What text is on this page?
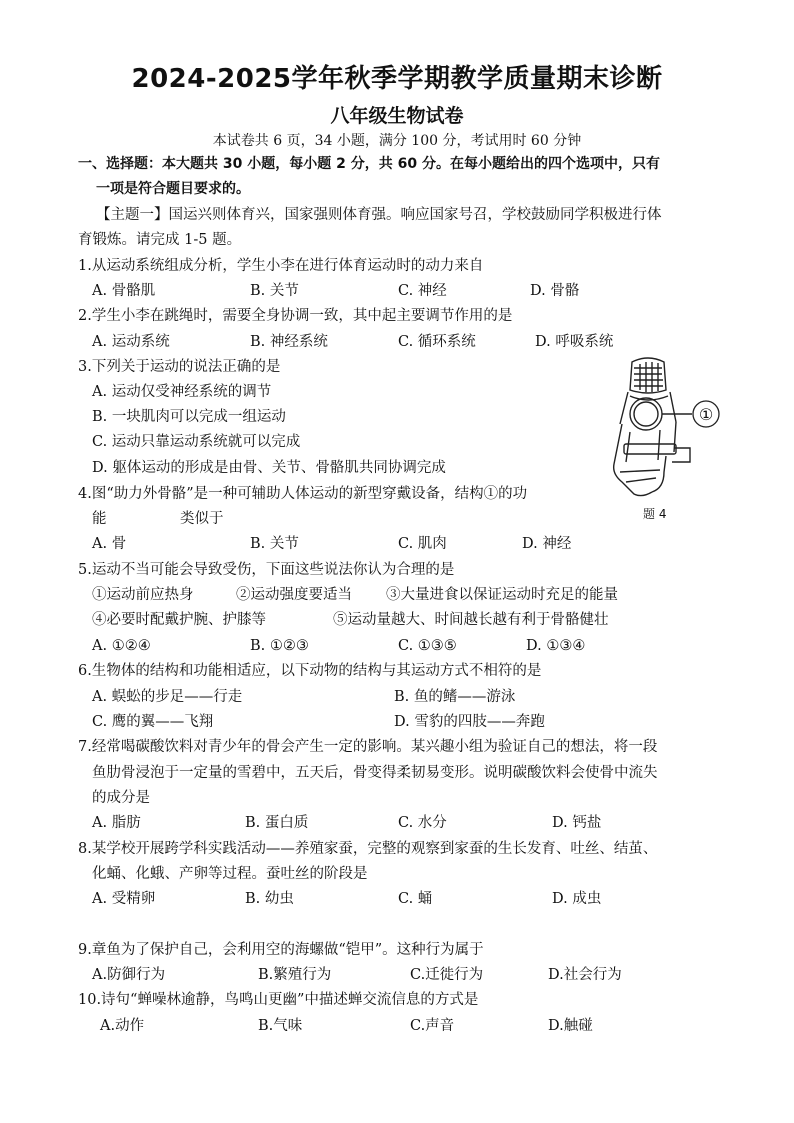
2024-2025学年秋季学期教学质量期末诊断
八年级生物试卷
本试卷共 6 页，34 小题，满分 100 分，考试用时 60 分钟
一、选择题：本大题共 30 小题，每小题 2 分，共 60 分。在每小题给出的四个选项中，只有
一项是符合题目要求的。
【主题一】国运兴则体育兴，国家强则体育强。响应国家号召，学校鼓励同学积极进行体
育锻炼。请完成 1-5 题。
1.从运动系统组成分析，学生小李在进行体育运动时的动力来自
A. 骨骼肌	B. 关节	C. 神经	D. 骨骼
2.学生小李在跳绳时，需要全身协调一致，其中起主要调节作用的是
A. 运动系统	B. 神经系统	C. 循环系统	D. 呼吸系统
3.下列关于运动的说法正确的是
A. 运动仅受神经系统的调节
B. 一块肌肉可以完成一组运动
C. 运动只靠运动系统就可以完成
D. 躯体运动的形成是由骨、关节、骨骼肌共同协调完成
①
题 4
4.图“助力外骨骼”是一种可辅助人体运动的新型穿戴设备，结构①的功
能	类似于
A. 骨	B. 关节	C. 肌肉	D. 神经
5.运动不当可能会导致受伤，下面这些说法你认为合理的是
①运动前应热身	②运动强度要适当 ③大量进食以保证运动时充足的能量
④必要时配戴护腕、护膝等	⑤运动量越大、时间越长越有利于骨骼健壮
A. ①②④	B. ①②③	C. ①③⑤	D. ①③④
6.生物体的结构和功能相适应，以下动物的结构与其运动方式不相符的是
A. 蜈蚣的步足——行走	B. 鱼的鳍——游泳
C. 鹰的翼——飞翔	D. 雪豹的四肢——奔跑
7.经常喝碳酸饮料对青少年的骨会产生一定的影响。某兴趣小组为验证自己的想法，将一段
鱼肋骨浸泡于一定量的雪碧中，五天后，骨变得柔韧易变形。说明碳酸饮料会使骨中流失
的成分是
A. 脂肪	B. 蛋白质	C. 水分	D. 钙盐
8.某学校开展跨学科实践活动——养殖家蚕，完整的观察到家蚕的生长发育、吐丝、结茧、
化蛹、化蛾、产卵等过程。蚕吐丝的阶段是
A. 受精卵	B. 幼虫	C. 蛹	D. 成虫
9.章鱼为了保护自己，会利用空的海螺做“铠甲”。这种行为属于
A.防御行为	B.繁殖行为	C.迁徙行为	D.社会行为
10.诗句“蝉噪林逾静，鸟鸣山更幽”中描述蝉交流信息的方式是
A.动作	B.气味	C.声音	D.触碰
